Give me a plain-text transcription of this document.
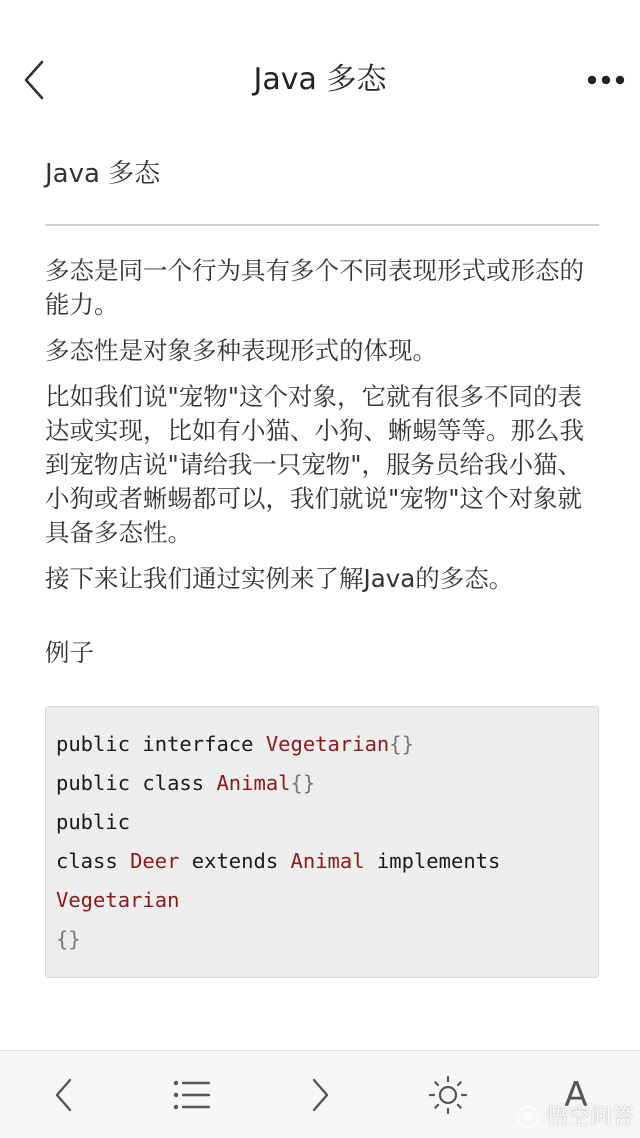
Java 多态
Java 多态

多态是同一个行为具有多个不同表现形式或形态的能力。

多态性是对象多种表现形式的体现。

比如我们说"宠物"这个对象，它就有很多不同的表达或实现，比如有小猫、小狗、蜥蜴等等。那么我到宠物店说"请给我一只宠物"，服务员给我小猫、小狗或者蜥蜴都可以，我们就说"宠物"这个对象就具备多态性。

接下来让我们通过实例来了解Java的多态。

例子
public interface Vegetarian{}
public class Animal{}
public
class Deer extends Animal implements
Vegetarian
{}
A
悟空问答
